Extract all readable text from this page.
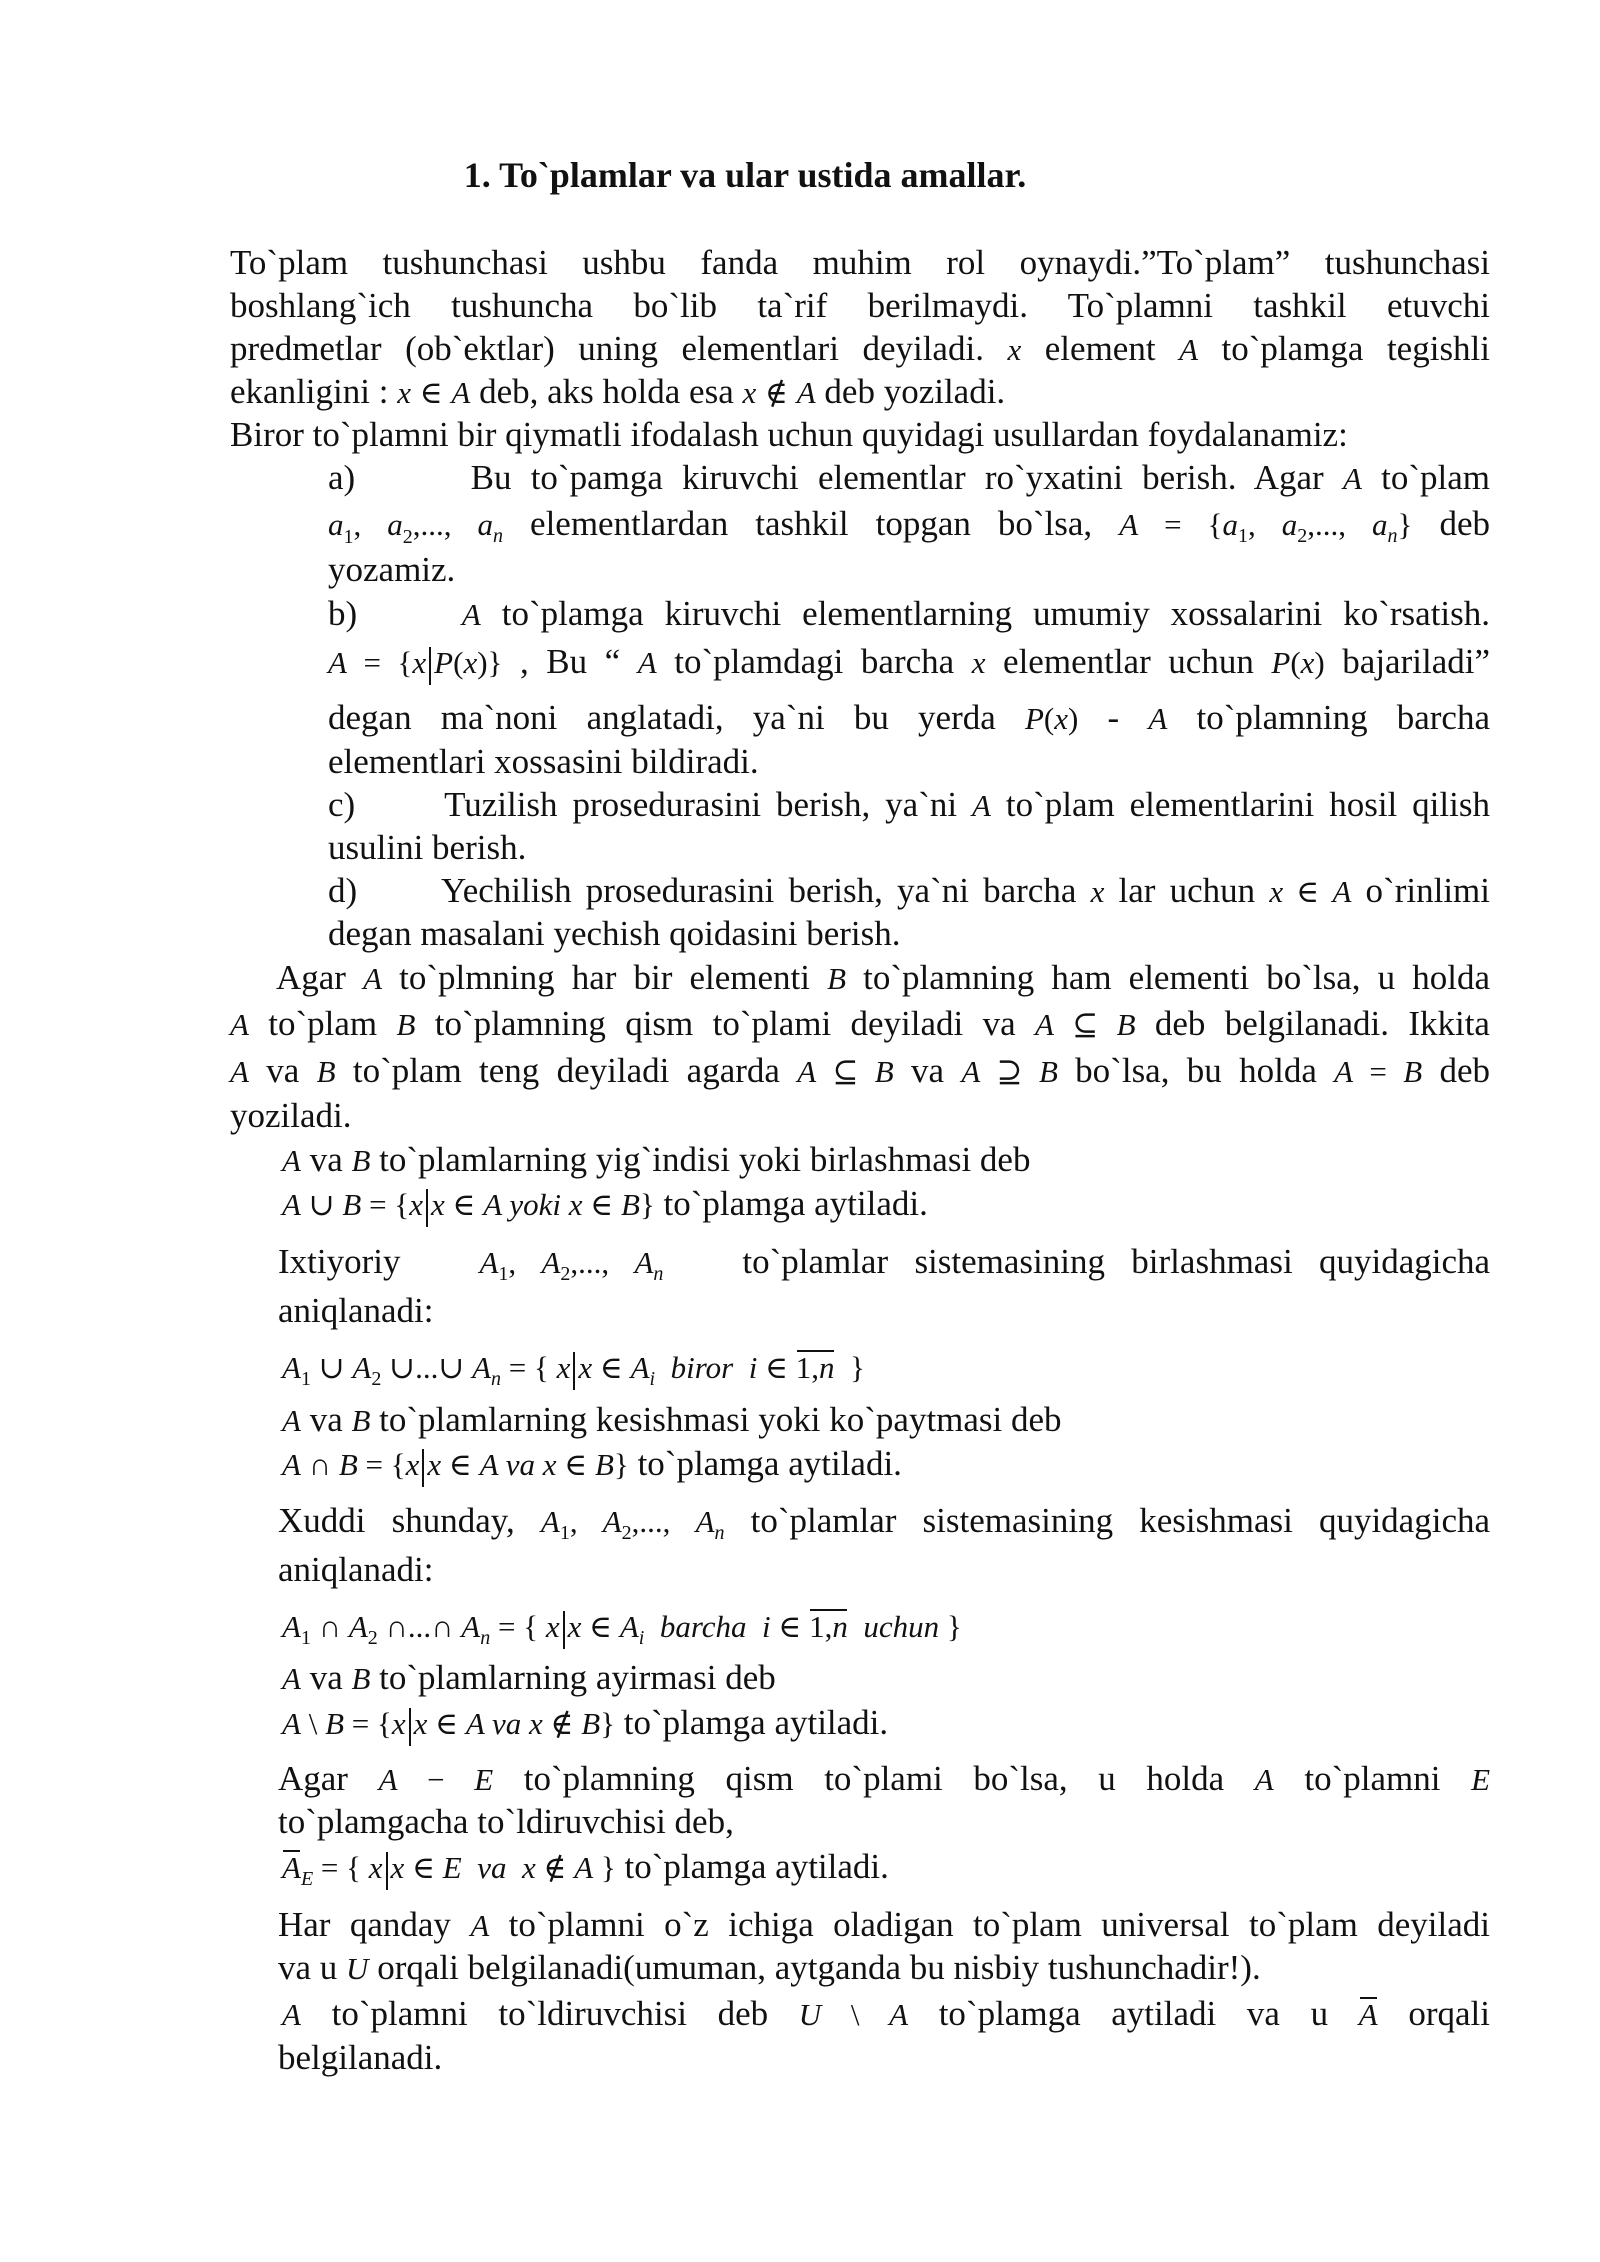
1. To`plamlar va ular ustida amallar.
To`plam tushunchasi ushbu fanda muhim rol oynaydi.”To`plam” tushunchasi
boshlang`ich tushuncha bo`lib ta`rif berilmaydi. To`plamni tashkil etuvchi
predmetlar (ob`ektlar) uning elementlari deyiladi. x element A to`plamga tegishli
ekanligini : x ∈ A deb, aks holda esa x ∉ A deb yoziladi.
Biror to`plamni bir qiymatli ifodalash uchun quyidagi usullardan foydalanamiz:
a)      Bu to`pamga kiruvchi elementlar ro`yxatini berish. Agar A to`plam
$a_1$, $a_2$,..., $a_n$ elementlardan tashkil topgan bo`lsa, $A = \{a_1$, $a_2$,..., $a_n$} deb
yozamiz.
b)     A to`plamga kiruvchi elementlarning umumiy xossalarini ko`rsatish.
A = {x P(x)} , Bu “ A to`plamdagi barcha x elementlar uchun P(x) bajariladi”
degan ma`noni anglatadi, ya`ni bu yerda P(x) - A to`plamning barcha
elementlari xossasini bildiradi.
c)      Tuzilish prosedurasini berish, ya`ni A to`plam elementlarini hosil qilish
usulini berish.
d)      Yechilish prosedurasini berish, ya`ni barcha x lar uchun x ∈ A o`rinlimi
degan masalani yechish qoidasini berish.
Agar A to`plmning har bir elementi B to`plamning ham elementi bo`lsa, u holda
A to`plam B to`plamning qism to`plami deyiladi va A ⊆ B deb belgilanadi. Ikkita
A va B to`plam teng deyiladi agarda A ⊆ B va A ⊇ B bo`lsa, bu holda A = B deb
yoziladi.
A va B to`plamlarning yig`indisi yoki birlashmasi deb
A ∪ B = {x x ∈ A yoki x ∈ B} to`plamga aytiladi.
Ixtiyoriy   $A_1$, $A_2$,..., $A_n$   to`plamlar sistemasining birlashmasi quyidagicha
aniqlanadi:
$A_1$ ∪ $A_2$ ∪...∪ $A_n$ = { x x ∈ $A_i$ biror i ∈ 1,n  }
A va B to`plamlarning kesishmasi yoki ko`paytmasi deb
A ∩ B = {x x ∈ A va x ∈ B} to`plamga aytiladi.
Xuddi shunday, $A_1$, $A_2$,..., $A_n$ to`plamlar sistemasining kesishmasi quyidagicha
aniqlanadi:
$A_1$ ∩ $A_2$ ∩...∩ $A_n$ = { x x ∈ $A_i$ barcha i ∈ 1,n uchun }
A va B to`plamlarning ayirmasi deb
A \ B = {x x ∈ A va x ∉ B} to`plamga aytiladi.
Agar A − E to`plamning qism to`plami bo`lsa, u holda A to`plamni E
to`plamgacha to`ldiruvchisi deb,
$A_E$ = { x x ∈ E va x ∉ A } to`plamga aytiladi.
Har qanday A to`plamni o`z ichiga oladigan to`plam universal to`plam deyiladi
va u U orqali belgilanadi(umuman, aytganda bu nisbiy tushunchadir!).
A to`plamni to`ldiruvchisi deb U \ A to`plamga aytiladi va u A orqali
belgilanadi.
